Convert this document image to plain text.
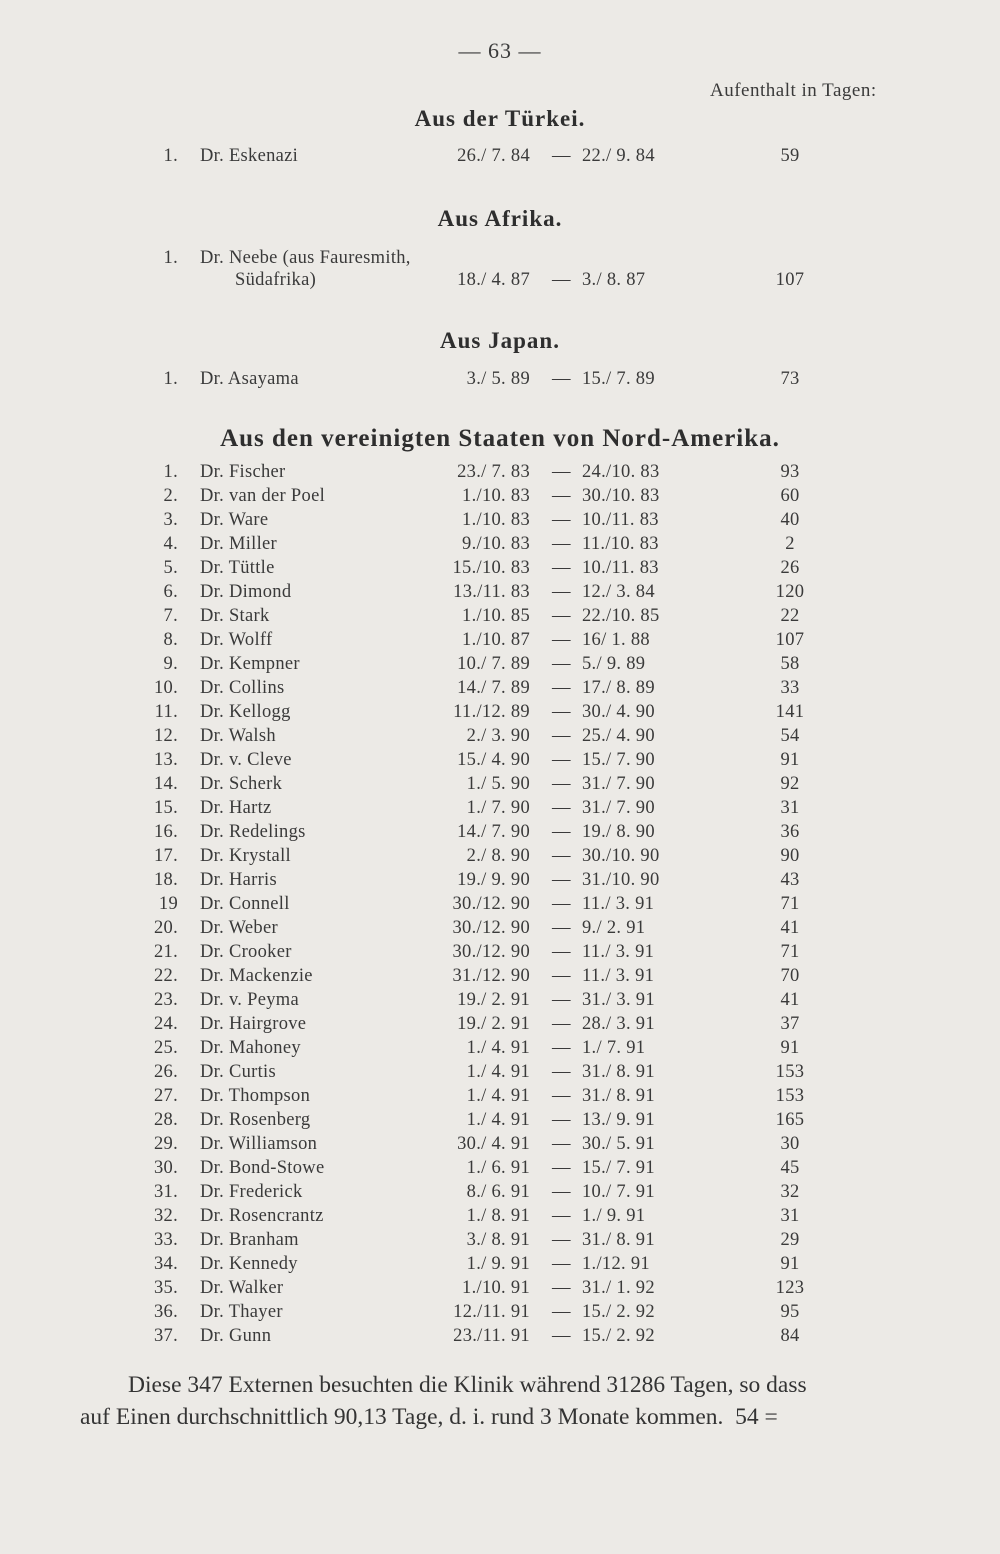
— 63 —
Aufenthalt in Tagen:
Aus der Türkei.
1. Dr. Eskenazi	26./ 7. 84 — 22./ 9. 84	59
Aus Afrika.
1. Dr. Neebe (aus Fauresmith,
Südafrika)	18./ 4. 87 — 3./ 8. 87	107
Aus Japan.
1. Dr. Asayama	3./ 5. 89 — 15./ 7. 89	73
Aus den vereinigten Staaten von Nord-Amerika.
1. Dr. Fischer	23./ 7. 83 — 24./10. 83	93
2. Dr. van der Poel	1./10. 83 — 30./10. 83	60
3. Dr. Ware	1./10. 83 — 10./11. 83	40
4. Dr. Miller	9./10. 83 — 11./10. 83	2
5. Dr. Tüttle	15./10. 83 — 10./11. 83	26
6. Dr. Dimond	13./11. 83 — 12./ 3. 84	120
7. Dr. Stark	1./10. 85 — 22./10. 85	22
8. Dr. Wolff	1./10. 87 — 16/ 1. 88	107
9. Dr. Kempner	10./ 7. 89 — 5./ 9. 89	58
10. Dr. Collins	14./ 7. 89 — 17./ 8. 89	33
11. Dr. Kellogg	11./12. 89 — 30./ 4. 90	141
12. Dr. Walsh	2./ 3. 90 — 25./ 4. 90	54
13. Dr. v. Cleve	15./ 4. 90 — 15./ 7. 90	91
14. Dr. Scherk	1./ 5. 90 — 31./ 7. 90	92
15. Dr. Hartz	1./ 7. 90 — 31./ 7. 90	31
16. Dr. Redelings	14./ 7. 90 — 19./ 8. 90	36
17. Dr. Krystall	2./ 8. 90 — 30./10. 90	90
18. Dr. Harris	19./ 9. 90 — 31./10. 90	43
19 Dr. Connell	30./12. 90 — 11./ 3. 91	71
20. Dr. Weber	30./12. 90 — 9./ 2. 91	41
21. Dr. Crooker	30./12. 90 — 11./ 3. 91	71
22. Dr. Mackenzie	31./12. 90 — 11./ 3. 91	70
23. Dr. v. Peyma	19./ 2. 91 — 31./ 3. 91	41
24. Dr. Hairgrove	19./ 2. 91 — 28./ 3. 91	37
25. Dr. Mahoney	1./ 4. 91 — 1./ 7. 91	91
26. Dr. Curtis	1./ 4. 91 — 31./ 8. 91	153
27. Dr. Thompson	1./ 4. 91 — 31./ 8. 91	153
28. Dr. Rosenberg	1./ 4. 91 — 13./ 9. 91	165
29. Dr. Williamson	30./ 4. 91 — 30./ 5. 91	30
30. Dr. Bond-Stowe	1./ 6. 91 — 15./ 7. 91	45
31. Dr. Frederick	8./ 6. 91 — 10./ 7. 91	32
32. Dr. Rosencrantz	1./ 8. 91 — 1./ 9. 91	31
33. Dr. Branham	3./ 8. 91 — 31./ 8. 91	29
34. Dr. Kennedy	1./ 9. 91 — 1./12. 91	91
35. Dr. Walker	1./10. 91 — 31./ 1. 92	123
36. Dr. Thayer	12./11. 91 — 15./ 2. 92	95
37. Dr. Gunn	23./11. 91 — 15./ 2. 92	84
Diese 347 Externen besuchten die Klinik während 31286 Tagen, so dass
auf Einen durchschnittlich 90,13 Tage, d. i. rund 3 Monate kommen.  54 =
